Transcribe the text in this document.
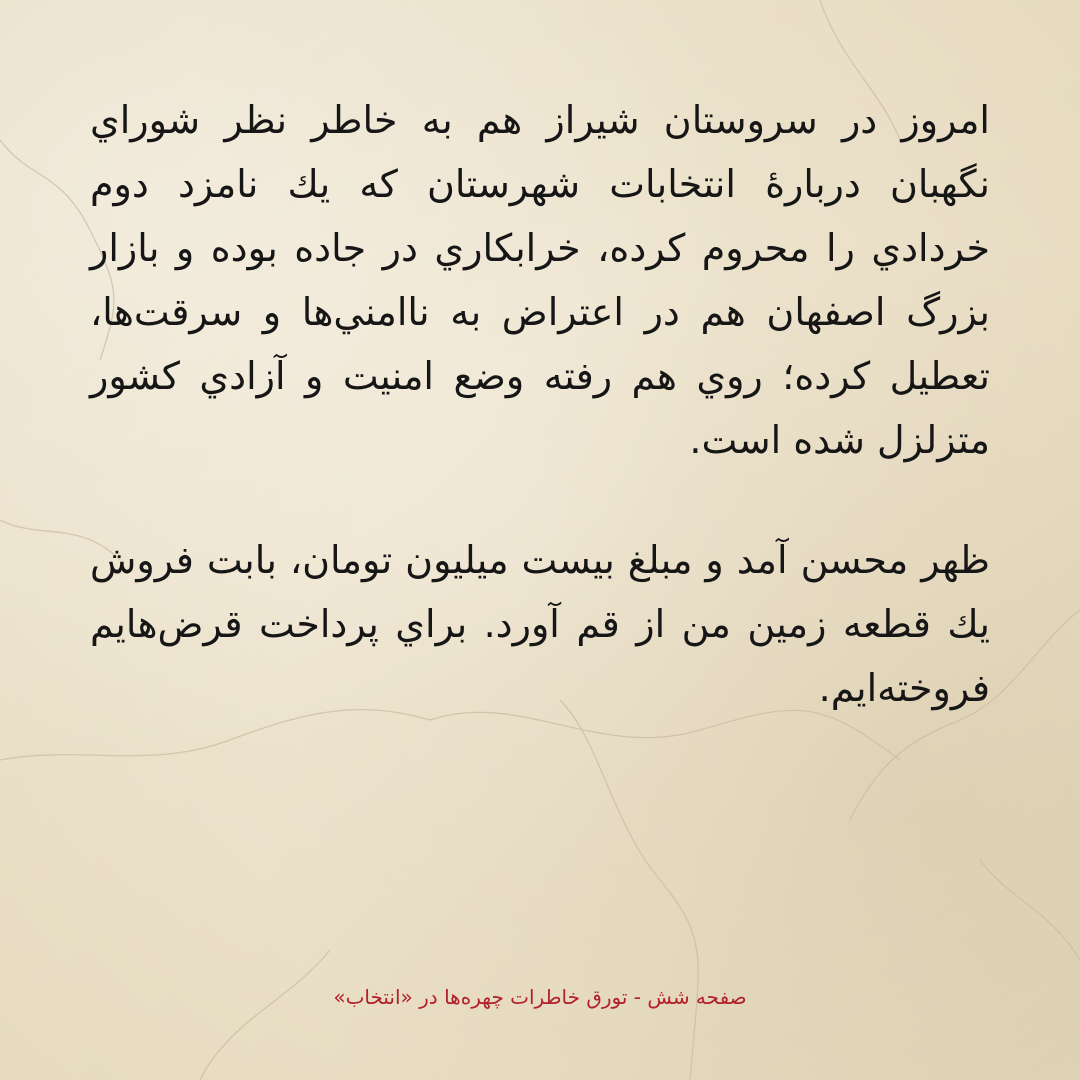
امروز در سروستان شيراز هم به خاطر نظر شوراي نگهبان دربارۀ انتخابات شهرستان كه يك نامزد دوم خردادي را محروم كرده، خرابكاري در جاده بوده و بازار بزرگ اصفهان هم در اعتراض به ناامني‌ها و سرقت‌ها، تعطيل كرده؛ روي هم رفته وضع امنيت و آزادي كشور متزلزل شده است.

ظهر محسن آمد و مبلغ بيست ميليون تومان، بابت فروش يك قطعه زمين من از قم آورد. براي پرداخت قرض‌هايم فروخته‌ايم.

صفحه شش - تورق خاطرات چهره‌ها در «انتخاب»
